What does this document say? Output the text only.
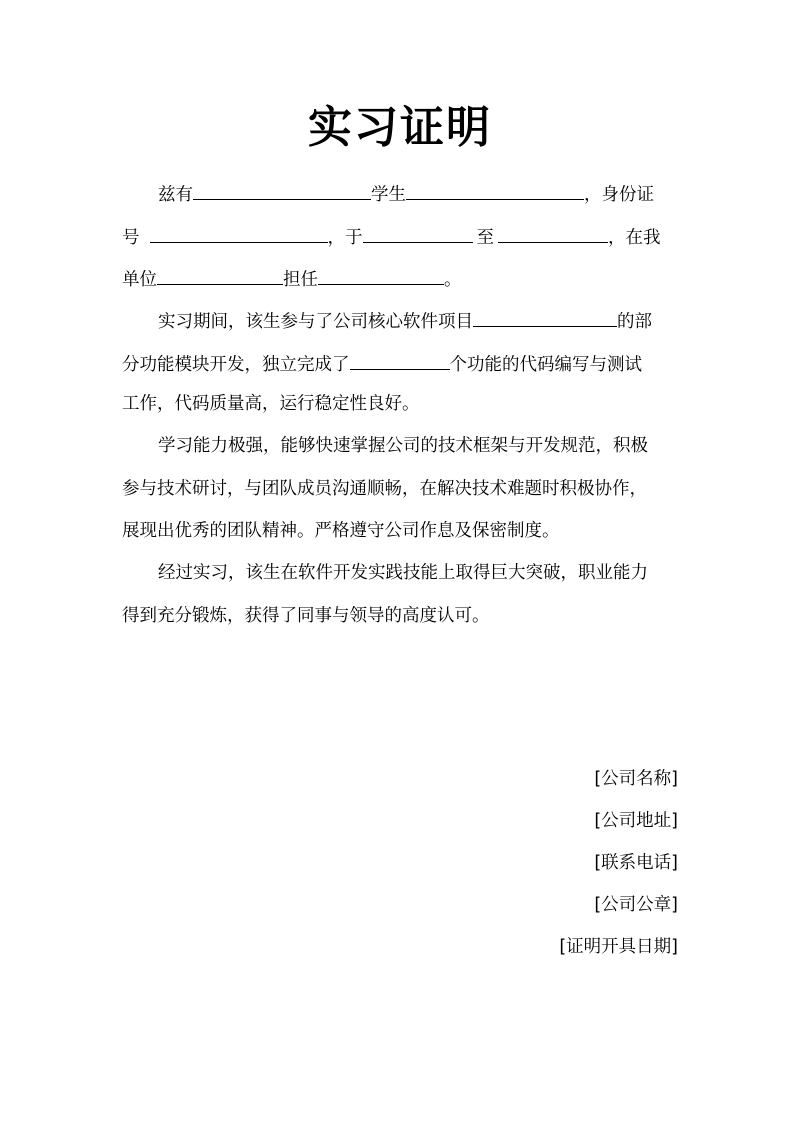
实习证明
兹有	学生	，身份证
号	，于	至	，在我
单位	担任	。
实习期间，该生参与了公司核心软件项目	的部
分功能模块开发，独立完成了	个功能的代码编写与测试
工作，代码质量高，运行稳定性良好。
学习能力极强，能够快速掌握公司的技术框架与开发规范，积极
参与技术研讨，与团队成员沟通顺畅，在解决技术难题时积极协作，
展现出优秀的团队精神。严格遵守公司作息及保密制度。
经过实习，该生在软件开发实践技能上取得巨大突破，职业能力
得到充分锻炼，获得了同事与领导的高度认可。
[公司名称]
[公司地址]
[联系电话]
[公司公章]
[证明开具日期]
